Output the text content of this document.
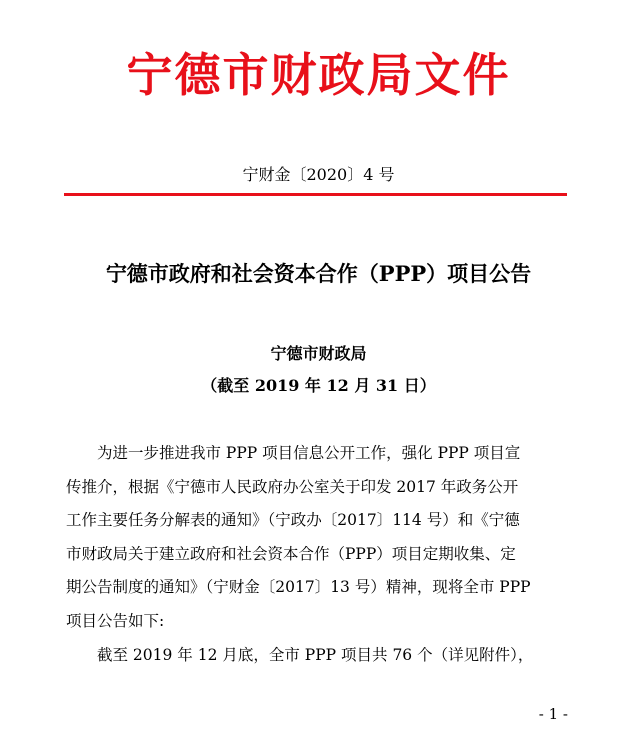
宁德市财政局文件
宁财金〔2020〕4 号
宁德市政府和社会资本合作（PPP）项目公告
宁德市财政局
（截至 2019 年 12 月 31 日）
为进一步推进我市 PPP 项目信息公开工作，强化 PPP 项目宣
传推介，根据《宁德市人民政府办公室关于印发 2017 年政务公开
工作主要任务分解表的通知》（宁政办〔2017〕114 号）和《宁德
市财政局关于建立政府和社会资本合作（PPP）项目定期收集、定
期公告制度的通知》（宁财金〔2017〕13 号）精神，现将全市 PPP
项目公告如下:
截至 2019 年 12 月底，全市 PPP 项目共 76 个（详见附件），
- 1 -
